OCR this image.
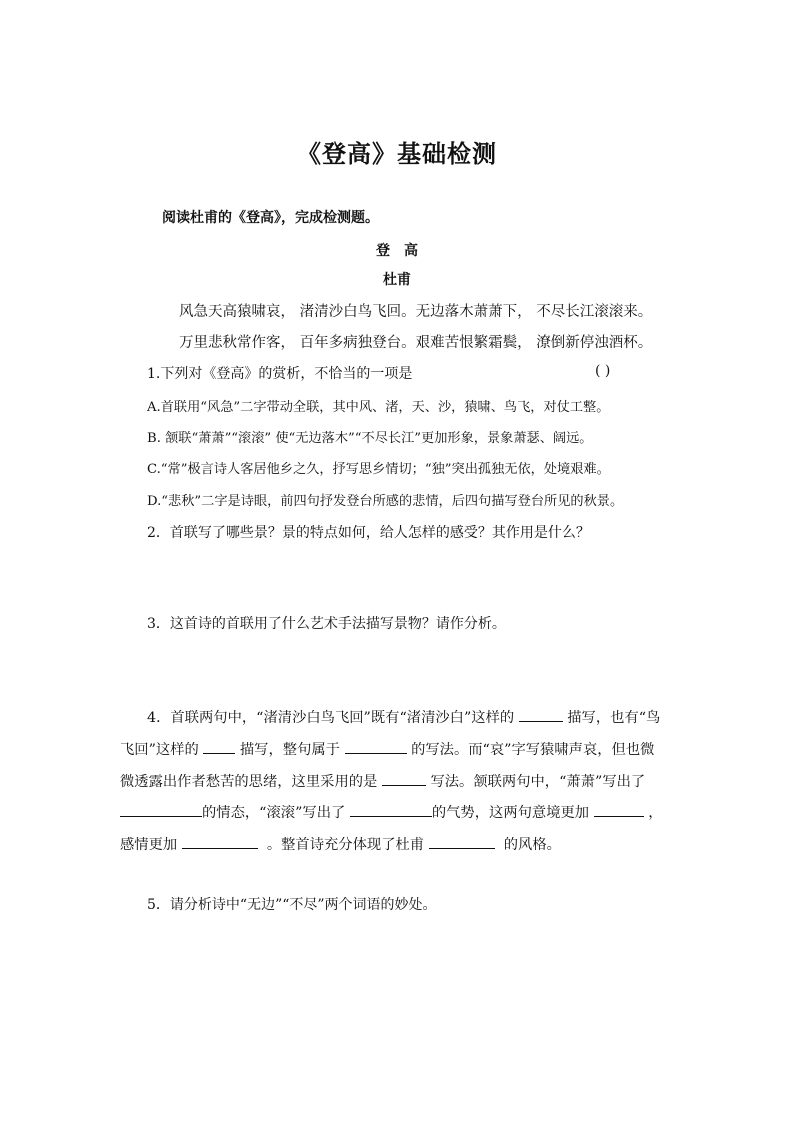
《登高》基础检测
阅读杜甫的《登高》，完成检测题。
登高
杜甫
风急天高猿啸哀， 渚清沙白鸟飞回。无边落木萧萧下， 不尽长江滚滚来。
万里悲秋常作客， 百年多病独登台。艰难苦恨繁霜鬓， 潦倒新停浊酒杯。
1.下列对《登高》的赏析，不恰当的一项是	( )
A.首联用“风急”二字带动全联，其中风、渚，天、沙，猿啸、鸟飞，对仗工整。
B. 颔联“萧萧”“滚滚” 使“无边落木”“不尽长江”更加形象，景象萧瑟、阔远。
C.“常”极言诗人客居他乡之久，抒写思乡情切；“独”突出孤独无依，处境艰难。
D.“悲秋”二字是诗眼，前四句抒发登台所感的悲情，后四句描写登台所见的秋景。
2．首联写了哪些景？景的特点如何，给人怎样的感受？其作用是什么？
3．这首诗的首联用了什么艺术手法描写景物？请作分析。
4．首联两句中，“渚清沙白鸟飞回”既有“渚清沙白”这样的	描写，也有“鸟
飞回”这样的	描写，整句属于	的写法。而“哀”字写猿啸声哀，但也微
微透露出作者愁苦的思绪，这里采用的是	写法。颔联两句中，“萧萧”写出了
的情态，“滚滚”写出了	的气势，这两句意境更加	，
感情更加	。整首诗充分体现了杜甫	的风格。
5．请分析诗中“无边”“不尽”两个词语的妙处。
